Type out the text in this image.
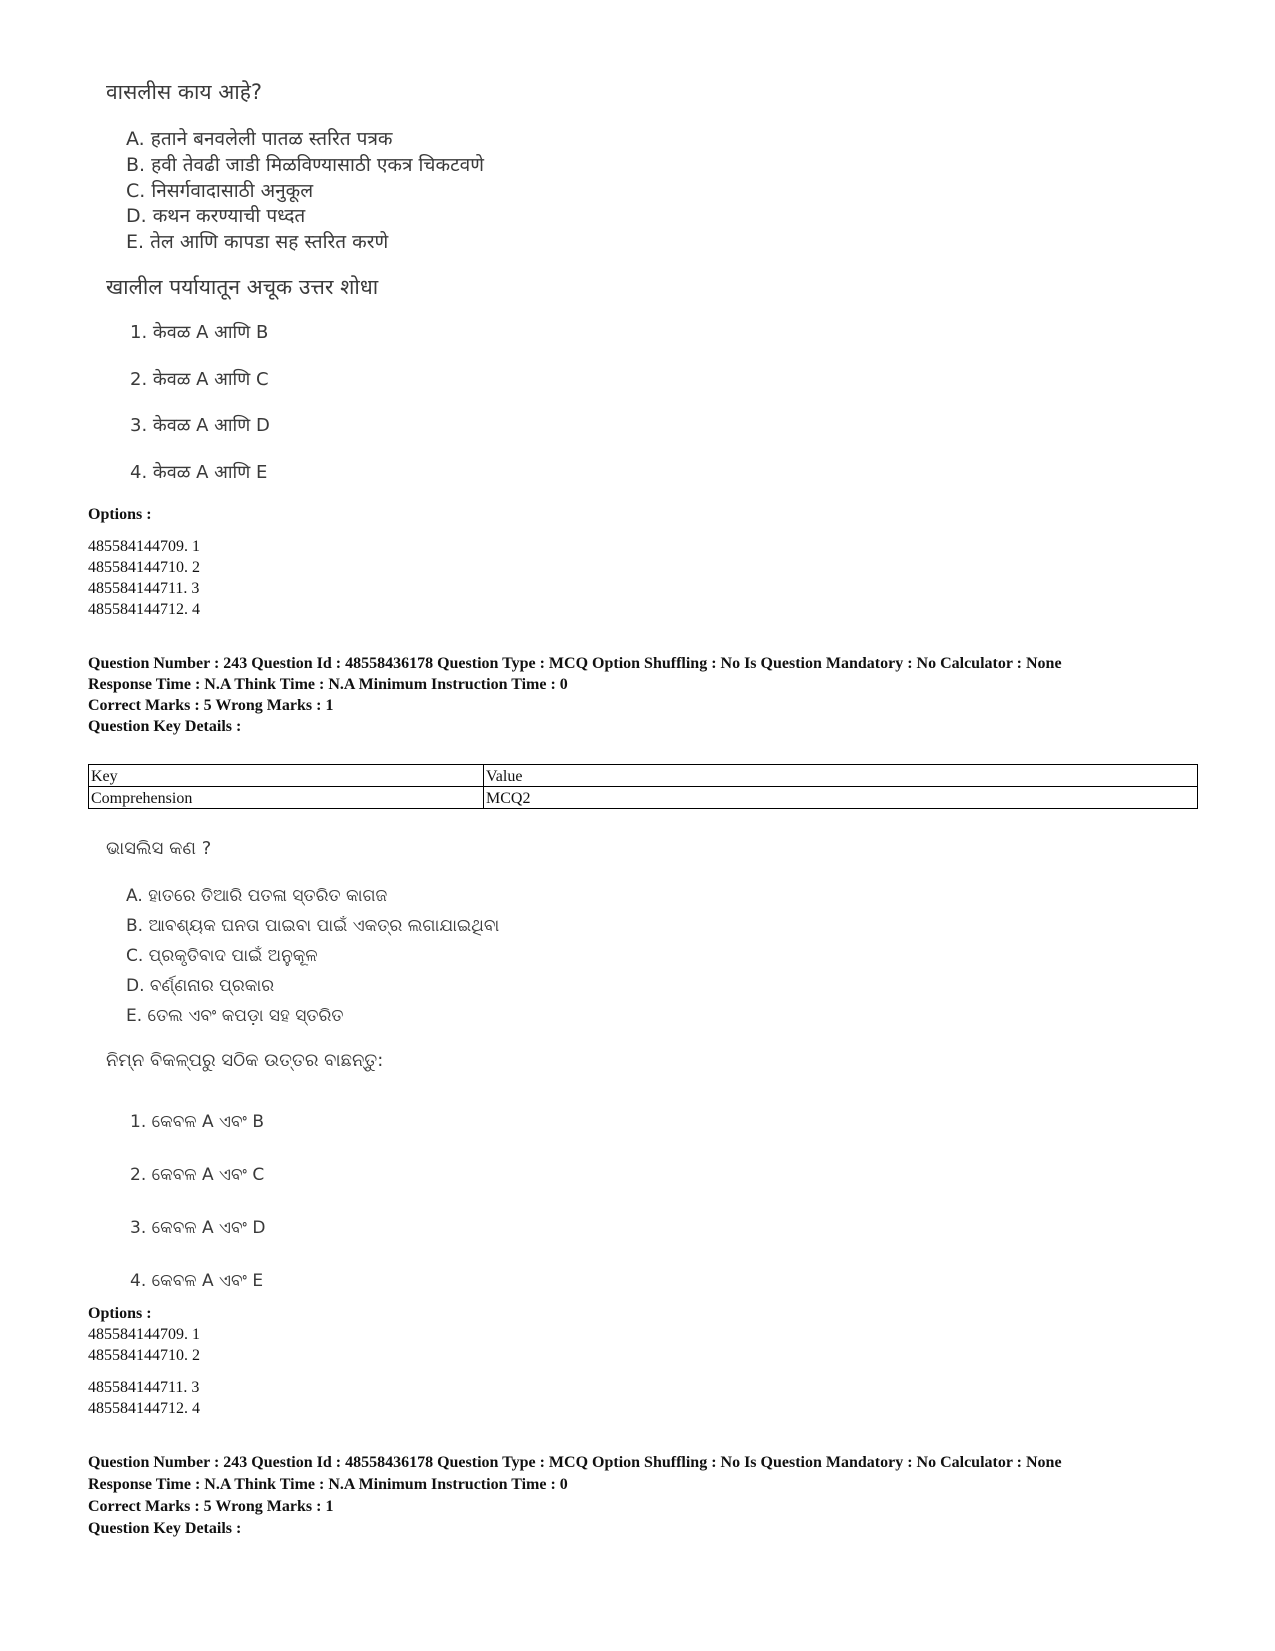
वासलीस काय आहे?
A. हताने बनवलेली पातळ स्तरित पत्रक
B. हवी तेवढी जाडी मिळविण्यासाठी एकत्र चिकटवणे
C. निसर्गवादासाठी अनुकूल
D. कथन करण्याची पध्दत
E. तेल आणि कापडा सह स्तरित करणे
खालील पर्यायातून अचूक उत्तर शोधा
1. केवळ A आणि B
2. केवळ A आणि C
3. केवळ A आणि D
4. केवळ A आणि E
Options :
485584144709. 1
485584144710. 2
485584144711. 3
485584144712. 4
Question Number : 243 Question Id : 48558436178 Question Type : MCQ Option Shuffling : No Is Question Mandatory : No Calculator : None
Response Time : N.A Think Time : N.A Minimum Instruction Time : 0
Correct Marks : 5 Wrong Marks : 1
Question Key Details :
Key	Value
Comprehension	MCQ2
ଭାସଲିସ କଣ ?
A. ହାତରେ ତିଆରି ପତଳା ସ୍ତରିତ କାଗଜ
B. ଆବଶ୍ୟକ ଘନତା ପାଇବା ପାଇଁ ଏକତ୍ର ଲଗାଯାଇଥିବା
C. ପ୍ରକୃତିବାଦ ପାଇଁ ଅନୁକୂଳ
D. ବର୍ଣ୍ଣନାର ପ୍ରକାର
E. ତେଲ ଏବଂ କପଡ଼ା ସହ ସ୍ତରିତ
ନିମ୍ନ ବିକଳ୍ପରୁ ସଠିକ ଉତ୍ତର ବାଛନ୍ତୁ:
1. କେବଳ A ଏବଂ B
2. କେବଳ A ଏବଂ C
3. କେବଳ A ଏବଂ D
4. କେବଳ A ଏବଂ E
Options :
485584144709. 1
485584144710. 2
485584144711. 3
485584144712. 4
Question Number : 243 Question Id : 48558436178 Question Type : MCQ Option Shuffling : No Is Question Mandatory : No Calculator : None
Response Time : N.A Think Time : N.A Minimum Instruction Time : 0
Correct Marks : 5 Wrong Marks : 1
Question Key Details :
